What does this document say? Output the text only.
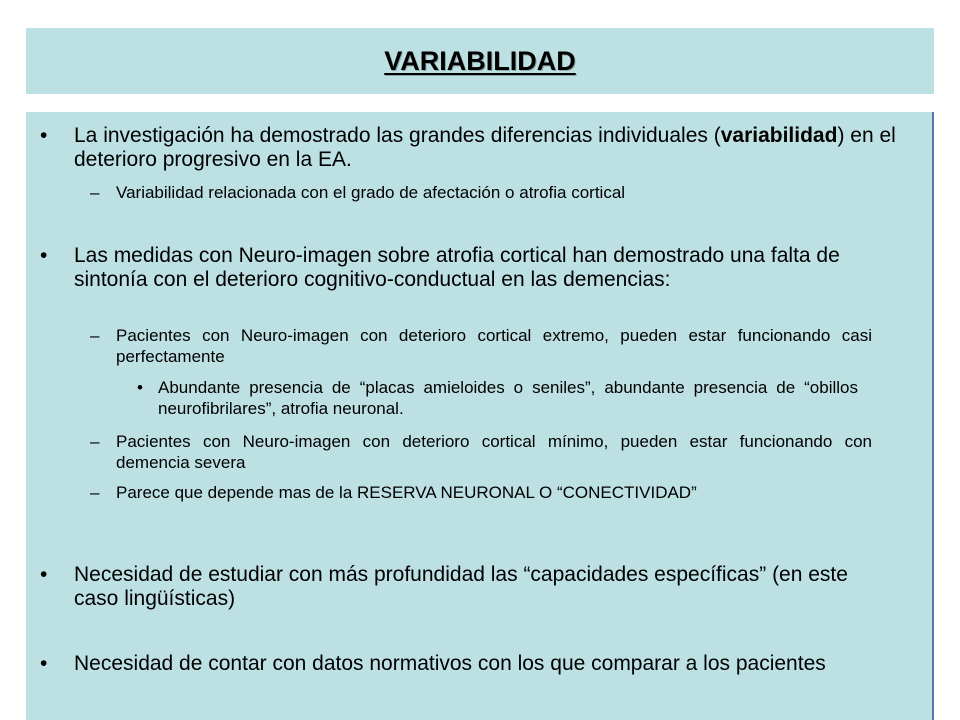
VARIABILIDAD
• La investigación ha demostrado las grandes diferencias individuales (variabilidad) en el deterioro progresivo en la EA.
– Variabilidad relacionada con el grado de afectación o atrofia cortical
• Las medidas con Neuro-imagen sobre atrofia cortical han demostrado una falta de sintonía con el deterioro cognitivo-conductual en las demencias:
– Pacientes con Neuro-imagen con deterioro cortical extremo, pueden estar funcionando casi perfectamente
• Abundante presencia de “placas amieloides o seniles”, abundante presencia de “obillos neurofibrilares”, atrofia neuronal.
– Pacientes con Neuro-imagen con deterioro cortical mínimo, pueden estar funcionando con demencia severa
– Parece que depende mas de la RESERVA NEURONAL O “CONECTIVIDAD”
• Necesidad de estudiar con más profundidad las “capacidades específicas” (en este caso lingüísticas)
• Necesidad de contar con datos normativos con los que comparar a los pacientes
